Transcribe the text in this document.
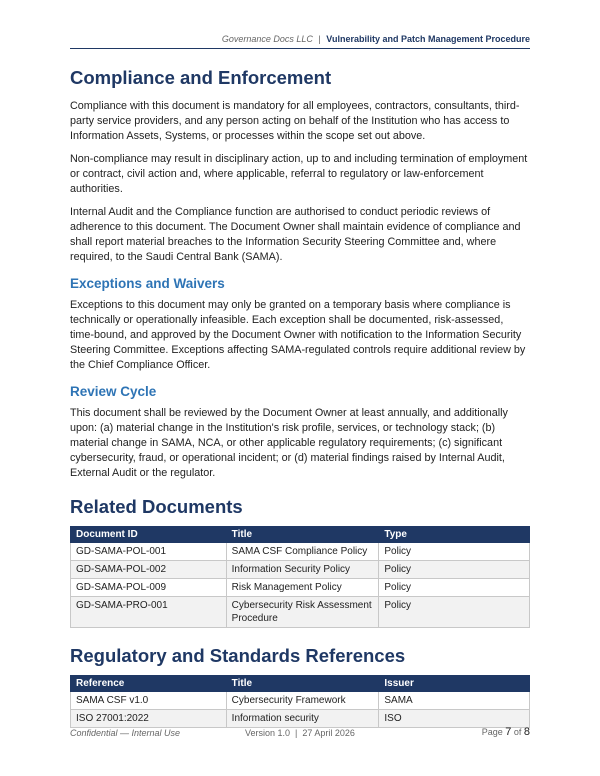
Governance Docs LLC | Vulnerability and Patch Management Procedure
Compliance and Enforcement

Compliance with this document is mandatory for all employees, contractors, consultants, third-party service providers, and any person acting on behalf of the Institution who has access to Information Assets, Systems, or processes within the scope set out above.

Non-compliance may result in disciplinary action, up to and including termination of employment or contract, civil action and, where applicable, referral to regulatory or law-enforcement authorities.

Internal Audit and the Compliance function are authorised to conduct periodic reviews of adherence to this document. The Document Owner shall maintain evidence of compliance and shall report material breaches to the Information Security Steering Committee and, where required, to the Saudi Central Bank (SAMA).

Exceptions and Waivers

Exceptions to this document may only be granted on a temporary basis where compliance is technically or operationally infeasible. Each exception shall be documented, risk-assessed, time-bound, and approved by the Document Owner with notification to the Information Security Steering Committee. Exceptions affecting SAMA-regulated controls require additional review by the Chief Compliance Officer.

Review Cycle

This document shall be reviewed by the Document Owner at least annually, and additionally upon: (a) material change in the Institution's risk profile, services, or technology stack; (b) material change in SAMA, NCA, or other applicable regulatory requirements; (c) significant cybersecurity, fraud, or operational incident; or (d) material findings raised by Internal Audit, External Audit or the regulator.

Related Documents
Document ID	Title	Type
GD-SAMA-POL-001	SAMA CSF Compliance Policy	Policy
GD-SAMA-POL-002	Information Security Policy	Policy
GD-SAMA-POL-009	Risk Management Policy	Policy
GD-SAMA-PRO-001	Cybersecurity Risk Assessment Procedure	Policy
Regulatory and Standards References
Reference	Title	Issuer
SAMA CSF v1.0	Cybersecurity Framework	SAMA
ISO 27001:2022	Information security	ISO
Confidential — Internal Use	Version 1.0  |  27 April 2026	Page 7 of 8
